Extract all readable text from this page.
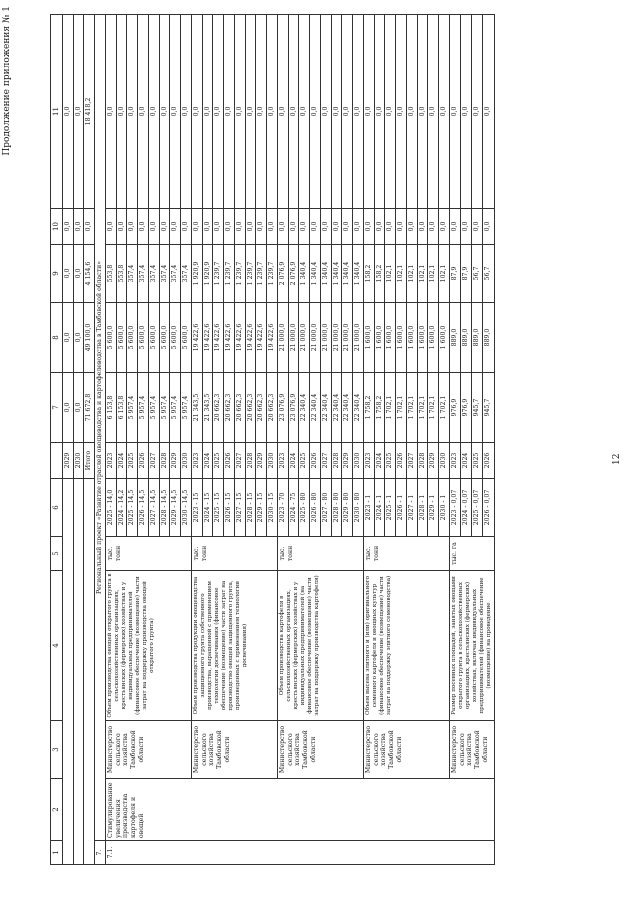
Продолжение приложения № 1
12
1	2	3	4	5	6		7	8	9	10	11
						2029	0,0	0,0	0,0	0,0	0,0
						2030	0,0	0,0	0,0	0,0	0,0
						Итого	71 672,8	49 100,0	4 154,6	0,0	18 418,2
7.	Региональный проект «Развитие отраслей овощеводства и картофелеводства в Тамбовской области»										
7.1.	Стимулирование увеличения производства картофеля и овощей	Министерство сельского хозяйства Тамбовской области	Объем производства овощей открытого грунта в сельскохозяйственных организациях, крестьянских (фермерских) хозяйствах и у индивидуальных предпринимателей (финансовое обеспечение (возмещение) части затрат на поддержку производства овощей открытого грунта)	тыс. тонн	2025 - 14,0	2023	6 153,8	5 600,0	553,8	0,0	0,0
					2024 - 14,2	2024	6 153,8	5 600,0	553,8	0,0	0,0
					2025 - 14,5	2025	5 957,4	5 600,0	357,4	0,0	0,0
					2026 - 14,5	2026	5 957,4	5 600,0	357,4	0,0	0,0
					2027 - 14,5	2027	5 957,4	5 600,0	357,4	0,0	0,0
					2028 - 14,5	2028	5 957,4	5 600,0	357,4	0,0	0,0
					2029 - 14,5	2029	5 957,4	5 600,0	357,4	0,0	0,0
					2030 - 14,5	2030	5 957,4	5 600,0	357,4	0,0	0,0
		Министерство сельского хозяйства Тамбовской области	Объем производства продукции овощеводства защищенного грунта собственного производства, выращенной с применением технологии досвечивания (финансовое обеспечение (возмещение) части затрат на производство овощей защищенного грунта, произведенных с применением технологии досвечивания)	тыс. тонн	2023 - 15	2023	21 343,5	19 422,6	1 920,9	0,0	0,0
					2024 - 15	2024	21 343,5	19 422,6	1 920,9	0,0	0,0
					2025 - 15	2025	20 662,3	19 422,6	1 239,7	0,0	0,0
					2026 - 15	2026	20 662,3	19 422,6	1 239,7	0,0	0,0
					2027 - 15	2027	20 662,3	19 422,6	1 239,7	0,0	0,0
					2028 - 15	2028	20 662,3	19 422,6	1 239,7	0,0	0,0
					2029 - 15	2029	20 662,3	19 422,6	1 239,7	0,0	0,0
					2030 - 15	2030	20 662,3	19 422,6	1 239,7	0,0	0,0
		Министерство сельского хозяйства Тамбовской области	Объем производства картофеля в сельскохозяйственных организациях, крестьянских (фермерских) хозяйствах и у индивидуальных предпринимателей (на финансовое обеспечение (возмещение) части затрат на поддержку производства картофеля)	тыс. тонн	2023 - 70	2023	23 076,9	21 000,0	2 076,9	0,0	0,0
					2024 - 75	2024	23 076,9	21 000,0	2 076,9	0,0	0,0
					2025 - 80	2025	22 340,4	21 000,0	1 340,4	0,0	0,0
					2026 - 80	2026	22 340,4	21 000,0	1 340,4	0,0	0,0
					2027 - 80	2027	22 340,4	21 000,0	1 340,4	0,0	0,0
					2028 - 80	2028	22 340,4	21 000,0	1 340,4	0,0	0,0
					2029 - 80	2029	22 340,4	21 000,0	1 340,4	0,0	0,0
					2030 - 80	2030	22 340,4	21 000,0	1 340,4	0,0	0,0
		Министерство сельского хозяйства Тамбовской области	Объем высева элитного и (или) оригинального семенного картофеля и овощных культур (финансовое обеспечение (возмещение) части затрат на поддержку элитного семеноводства)	тыс. тонн	2023 - 1	2023	1 758,2	1 600,0	158,2	0,0	0,0
					2024 - 1	2024	1 758,2	1 600,0	158,2	0,0	0,0
					2025 - 1	2025	1 702,1	1 600,0	102,1	0,0	0,0
					2026 - 1	2026	1 702,1	1 600,0	102,1	0,0	0,0
					2027 - 1	2027	1 702,1	1 600,0	102,1	0,0	0,0
					2028 - 1	2028	1 702,1	1 600,0	102,1	0,0	0,0
					2029 - 1	2029	1 702,1	1 600,0	102,1	0,0	0,0
					2030 - 1	2030	1 702,1	1 600,0	102,1	0,0	0,0
		Министерство сельского хозяйства Тамбовской области	Размер посевных площадей, занятых овощами открытого грунта в сельскохозяйственных организациях, крестьянских (фермерских) хозяйствах, включая индивидуальных предпринимателей (финансовое обеспечение (возмещение) на проведение	тыс. га	2023 - 0,07	2023	976,9	889,0	87,9	0,0	0,0
					2024 - 0,07	2024	976,9	889,0	87,9	0,0	0,0
					2025 - 0,07	2025	945,7	889,0	56,7	0,0	0,0
					2026 - 0,07	2026	945,7	889,0	56,7	0,0	0,0
